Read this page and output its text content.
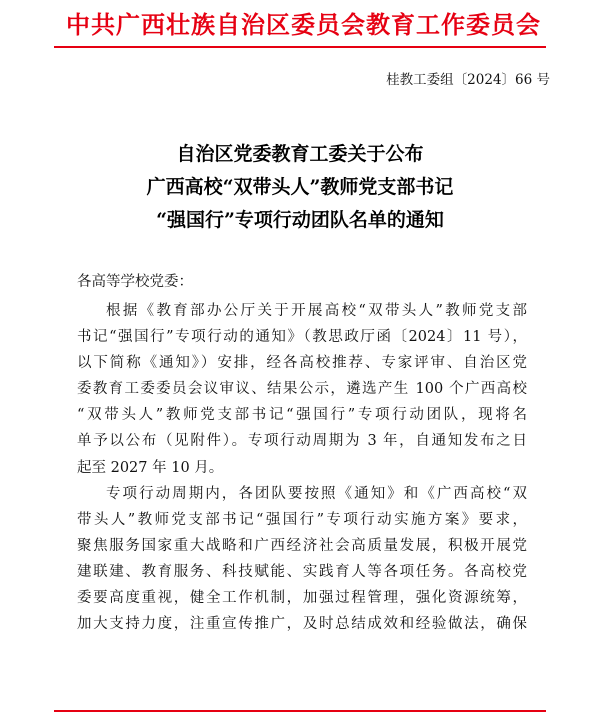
中共广西壮族自治区委员会教育工作委员会
桂教工委组〔2024〕66 号
自治区党委教育工委关于公布
广西高校“双带头人”教师党支部书记
“强国行”专项行动团队名单的通知
各高等学校党委：
根据《教育部办公厅关于开展高校“双带头人”教师党支部
书记“强国行”专项行动的通知》（教思政厅函〔2024〕11 号），
以下简称《通知》）安排，经各高校推荐、专家评审、自治区党
委教育工委委员会议审议、结果公示，遴选产生 100 个广西高校
“双带头人”教师党支部书记“强国行”专项行动团队，现将名
单予以公布（见附件）。专项行动周期为 3 年，自通知发布之日
起至 2027 年 10 月。
专项行动周期内，各团队要按照《通知》和《广西高校“双
带头人”教师党支部书记“强国行”专项行动实施方案》要求，
聚焦服务国家重大战略和广西经济社会高质量发展，积极开展党
建联建、教育服务、科技赋能、实践育人等各项任务。各高校党
委要高度重视，健全工作机制，加强过程管理，强化资源统筹，
加大支持力度，注重宣传推广，及时总结成效和经验做法，确保
